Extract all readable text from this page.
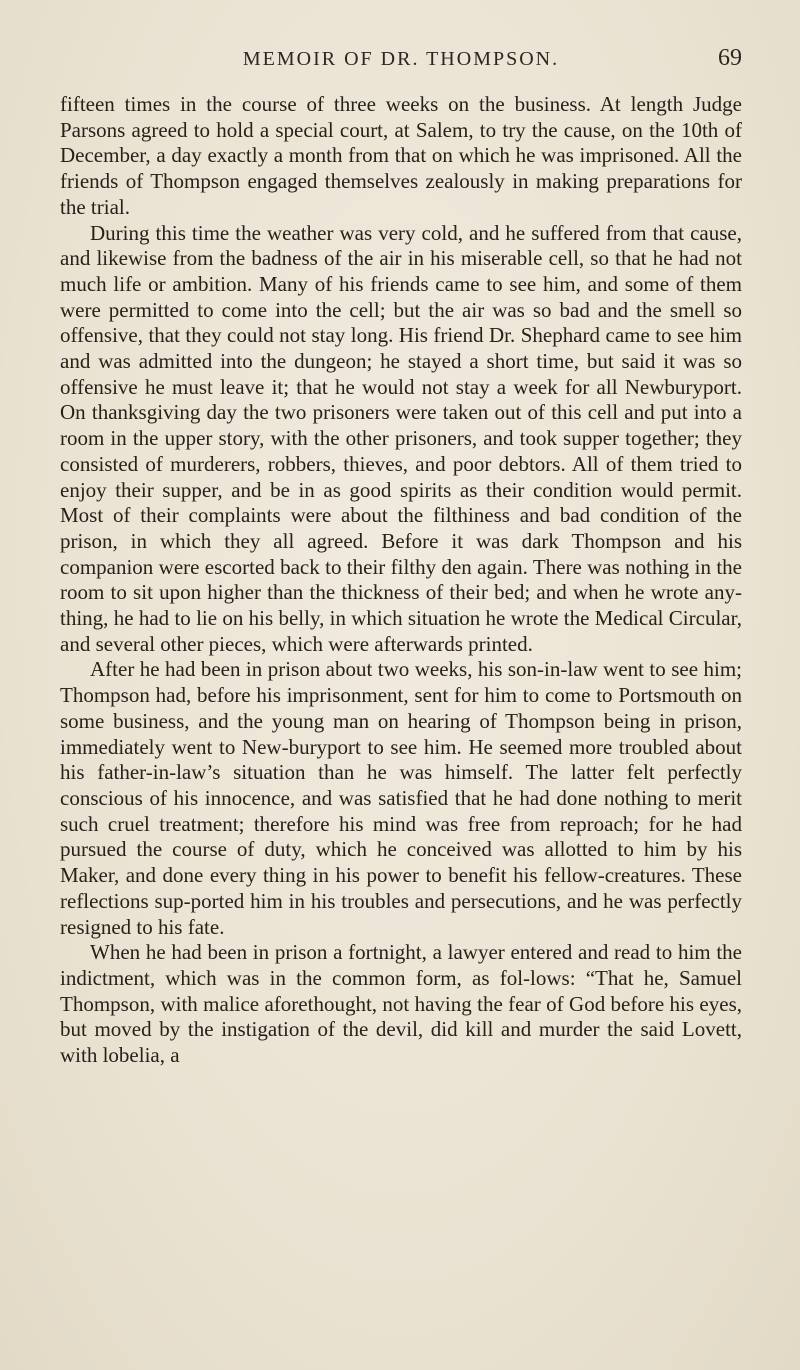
MEMOIR OF DR. THOMPSON.	69

fifteen times in the course of three weeks on the business. At length Judge Parsons agreed to hold a special court, at Salem, to try the cause, on the 10th of December, a day exactly a month from that on which he was imprisoned. All the friends of Thompson engaged themselves zealously in making preparations for the trial.

During this time the weather was very cold, and he suffered from that cause, and likewise from the badness of the air in his miserable cell, so that he had not much life or ambition. Many of his friends came to see him, and some of them were permitted to come into the cell; but the air was so bad and the smell so offensive, that they could not stay long. His friend Dr. Shephard came to see him and was admitted into the dungeon; he stayed a short time, but said it was so offensive he must leave it; that he would not stay a week for all Newburyport. On thanksgiving day the two prisoners were taken out of this cell and put into a room in the upper story, with the other prisoners, and took supper together; they consisted of murderers, robbers, thieves, and poor debtors. All of them tried to enjoy their supper, and be in as good spirits as their condition would permit. Most of their complaints were about the filthiness and bad condition of the prison, in which they all agreed. Before it was dark Thompson and his companion were escorted back to their filthy den again. There was nothing in the room to sit upon higher than the thickness of their bed; and when he wrote any-thing, he had to lie on his belly, in which situation he wrote the Medical Circular, and several other pieces, which were afterwards printed.

After he had been in prison about two weeks, his son-in-law went to see him; Thompson had, before his imprisonment, sent for him to come to Portsmouth on some business, and the young man on hearing of Thompson being in prison, immediately went to New-buryport to see him. He seemed more troubled about his father-in-law’s situation than he was himself. The latter felt perfectly conscious of his innocence, and was satisfied that he had done nothing to merit such cruel treatment; therefore his mind was free from reproach; for he had pursued the course of duty, which he conceived was allotted to him by his Maker, and done every thing in his power to benefit his fellow-creatures. These reflections sup-ported him in his troubles and persecutions, and he was perfectly resigned to his fate.

When he had been in prison a fortnight, a lawyer entered and read to him the indictment, which was in the common form, as fol-lows: “That he, Samuel Thompson, with malice aforethought, not having the fear of God before his eyes, but moved by the instigation of the devil, did kill and murder the said Lovett, with lobelia, a
